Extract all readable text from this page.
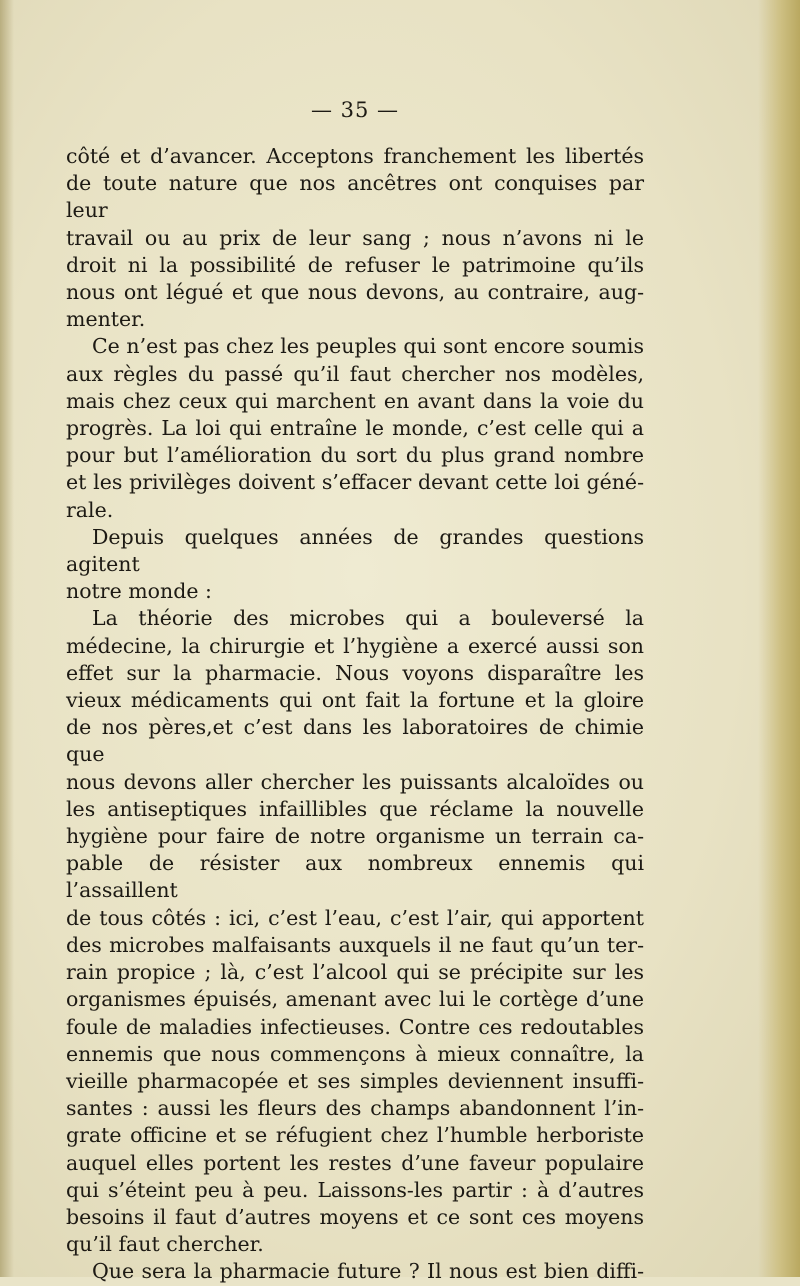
— 35 —

côté et d’avancer. Acceptons franchement les libertés

de toute nature que nos ancêtres ont conquises par leur

travail ou au prix de leur sang ; nous n’avons ni le

droit ni la possibilité de refuser le patrimoine qu’ils

nous ont légué et que nous devons, au contraire, aug-

menter.

Ce n’est pas chez les peuples qui sont encore soumis

aux règles du passé qu’il faut chercher nos modèles,

mais chez ceux qui marchent en avant dans la voie du

progrès. La loi qui entraîne le monde, c’est celle qui a

pour but l’amélioration du sort du plus grand nombre

et les privilèges doivent s’effacer devant cette loi géné-

rale.

Depuis quelques années de grandes questions agitent

notre monde :

La théorie des microbes qui a bouleversé la

médecine, la chirurgie et l’hygiène a exercé aussi son

effet sur la pharmacie. Nous voyons disparaître les

vieux médicaments qui ont fait la fortune et la gloire

de nos pères,et c’est dans les laboratoires de chimie que

nous devons aller chercher les puissants alcaloïdes ou

les antiseptiques infaillibles que réclame la nouvelle

hygiène pour faire de notre organisme un terrain ca-

pable de résister aux nombreux ennemis qui l’assaillent

de tous côtés : ici, c’est l’eau, c’est l’air, qui apportent

des microbes malfaisants auxquels il ne faut qu’un ter-

rain propice ; là, c’est l’alcool qui se précipite sur les

organismes épuisés, amenant avec lui le cortège d’une

foule de maladies infectieuses. Contre ces redoutables

ennemis que nous commençons à mieux connaître, la

vieille pharmacopée et ses simples deviennent insuffi-

santes : aussi les fleurs des champs abandonnent l’in-

grate officine et se réfugient chez l’humble herboriste

auquel elles portent les restes d’une faveur populaire

qui s’éteint peu à peu. Laissons-les partir : à d’autres

besoins il faut d’autres moyens et ce sont ces moyens

qu’il faut chercher.

Que sera la pharmacie future ? Il nous est bien diffi-
